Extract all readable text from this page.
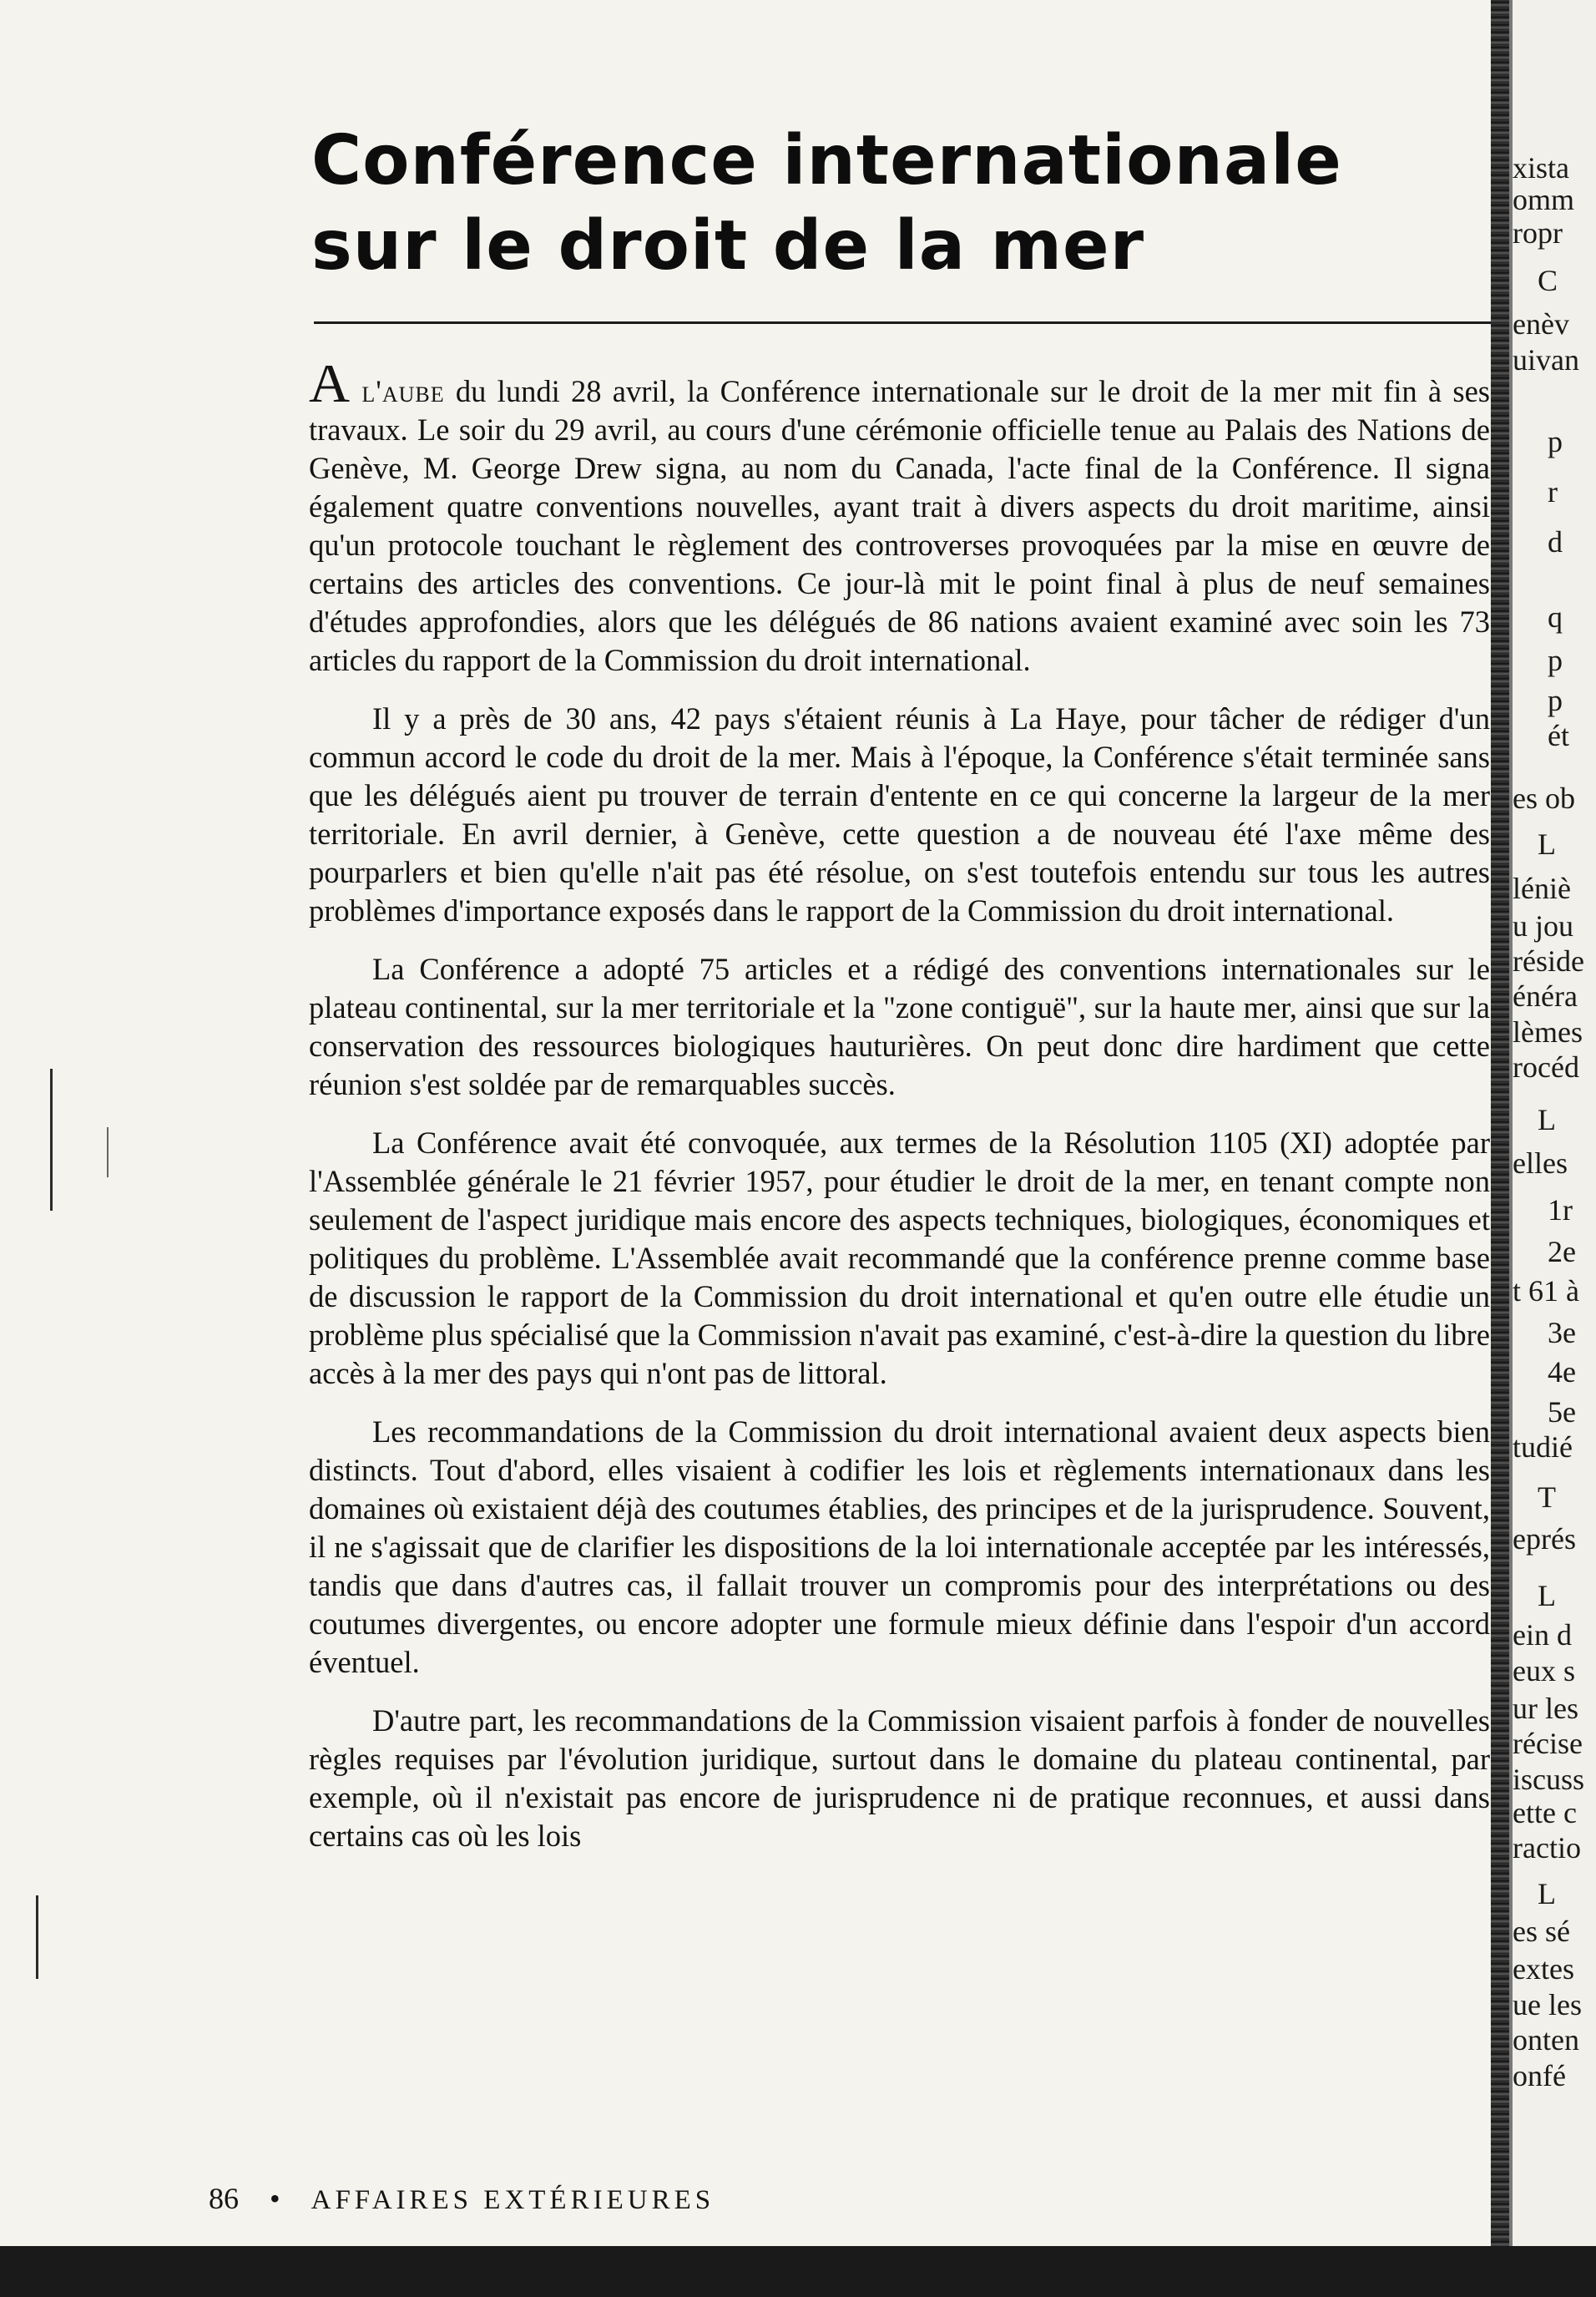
Conférence internationale
sur le droit de la mer

A l'aube du lundi 28 avril, la Conférence internationale sur le droit de la mer mit fin à ses travaux. Le soir du 29 avril, au cours d'une cérémonie officielle tenue au Palais des Nations de Genève, M. George Drew signa, au nom du Canada, l'acte final de la Conférence. Il signa également quatre conventions nouvelles, ayant trait à divers aspects du droit maritime, ainsi qu'un protocole touchant le règlement des controverses provoquées par la mise en œuvre de certains des articles des conventions. Ce jour-là mit le point final à plus de neuf semaines d'études approfondies, alors que les délégués de 86 nations avaient examiné avec soin les 73 articles du rapport de la Commission du droit international.

Il y a près de 30 ans, 42 pays s'étaient réunis à La Haye, pour tâcher de rédiger d'un commun accord le code du droit de la mer. Mais à l'époque, la Conférence s'était terminée sans que les délégués aient pu trouver de terrain d'entente en ce qui concerne la largeur de la mer territoriale. En avril dernier, à Genève, cette question a de nouveau été l'axe même des pourparlers et bien qu'elle n'ait pas été résolue, on s'est toutefois entendu sur tous les autres problèmes d'importance exposés dans le rapport de la Commission du droit international.

La Conférence a adopté 75 articles et a rédigé des conventions internationales sur le plateau continental, sur la mer territoriale et la "zone contiguë", sur la haute mer, ainsi que sur la conservation des ressources biologiques hauturières. On peut donc dire hardiment que cette réunion s'est soldée par de remarquables succès.

La Conférence avait été convoquée, aux termes de la Résolution 1105 (XI) adoptée par l'Assemblée générale le 21 février 1957, pour étudier le droit de la mer, en tenant compte non seulement de l'aspect juridique mais encore des aspects techniques, biologiques, économiques et politiques du problème. L'Assemblée avait recommandé que la conférence prenne comme base de discussion le rapport de la Commission du droit international et qu'en outre elle étudie un problème plus spécialisé que la Commission n'avait pas examiné, c'est-à-dire la question du libre accès à la mer des pays qui n'ont pas de littoral.

Les recommandations de la Commission du droit international avaient deux aspects bien distincts. Tout d'abord, elles visaient à codifier les lois et règlements internationaux dans les domaines où existaient déjà des coutumes établies, des principes et de la jurisprudence. Souvent, il ne s'agissait que de clarifier les dispositions de la loi internationale acceptée par les intéressés, tandis que dans d'autres cas, il fallait trouver un compromis pour des interprétations ou des coutumes divergentes, ou encore adopter une formule mieux définie dans l'espoir d'un accord éventuel.

D'autre part, les recommandations de la Commission visaient parfois à fonder de nouvelles règles requises par l'évolution juridique, surtout dans le domaine du plateau continental, par exemple, où il n'existait pas encore de jurisprudence ni de pratique reconnues, et aussi dans certains cas où les lois

86 • AFFAIRES EXTÉRIEURES
xista
omm
ropr
C
enèv
uivan
p
r
d
q
p
p
ét
es ob
L
léniè
u jou
réside
énéra
lèmes
rocéd
L
elles
1r
2e
t 61 à
3e
4e
5e
tudié
T
eprés
L
ein d
eux s
ur les
récise
iscuss
ette c
ractio
L
es sé
extes
ue les
onten
onfé
